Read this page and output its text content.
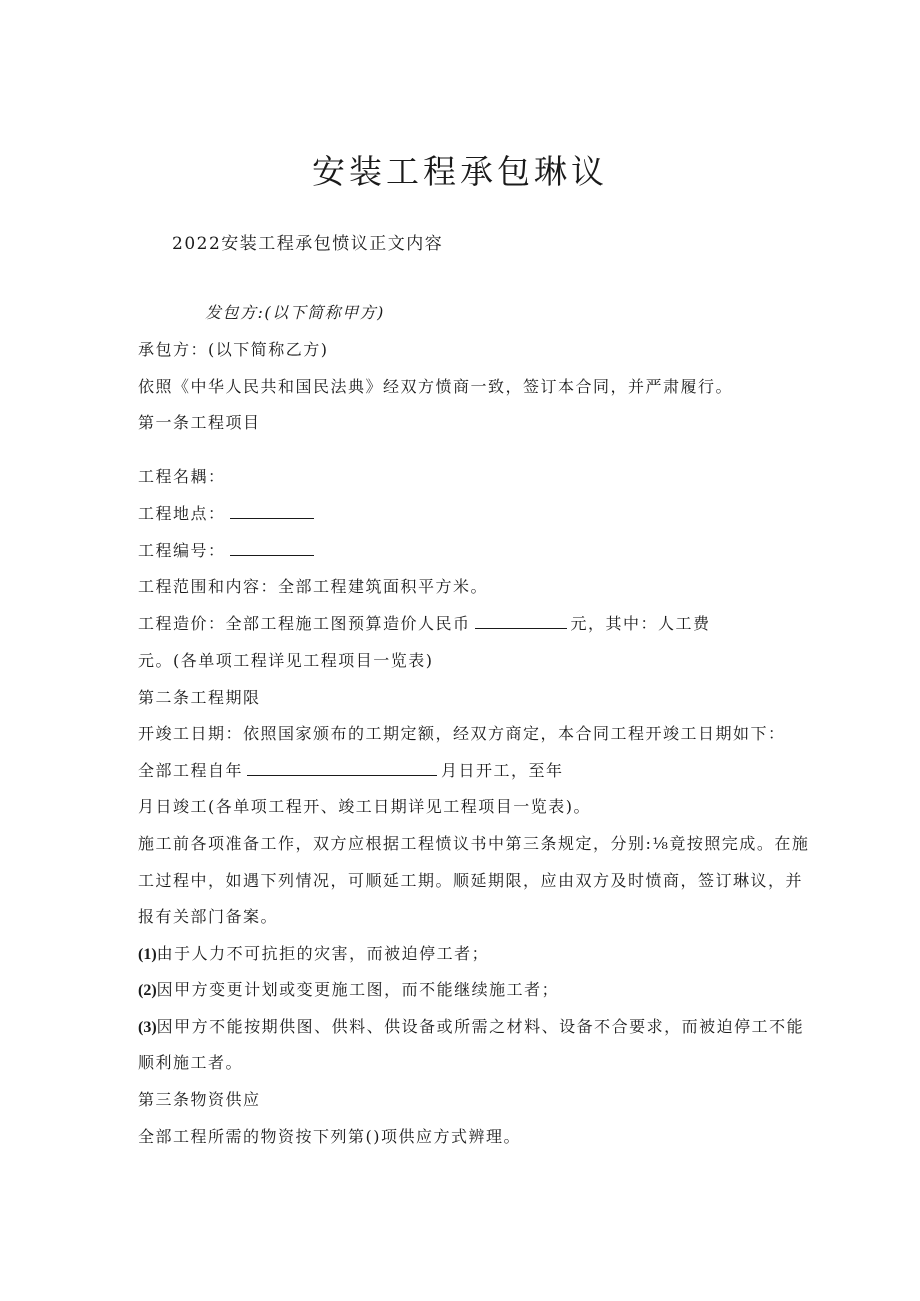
安装工程承包琳议
2022安装工程承包愤议正文内容
发包方:(以下简称甲方)
承包方：(以下简称乙方)
依照《中华人民共和国民法典》经双方愤商一致，签订本合同，并严肃履行。
第一条工程项目
工程名耦：
工程地点：
工程编号：
工程范围和内容：全部工程建筑面积平方米。
工程造价：全部工程施工图预算造价人民币	元，其中：人工费
元。(各单项工程详见工程项目一览表)
第二条工程期限
开竣工日期：依照国家颁布的工期定额，经双方商定，本合同工程开竣工日期如下：
全部工程自年	月日开工，至年
月日竣工(各单项工程开、竣工日期详见工程项目一览表)。
施工前各项准备工作，双方应根据工程愤议书中第三条规定，分别:⅛竟按照完成。在施
工过程中，如遇下列情况，可顺延工期。顺延期限，应由双方及时愤商，签订琳议，并
报有关部门备案。
(1)由于人力不可抗拒的灾害，而被迫停工者；
(2)因甲方变更计划或变更施工图，而不能继续施工者；
(3)因甲方不能按期供图、供料、供设备或所需之材料、设备不合要求，而被迫停工不能
顺利施工者。
第三条物资供应
全部工程所需的物资按下列第()项供应方式辨理。
